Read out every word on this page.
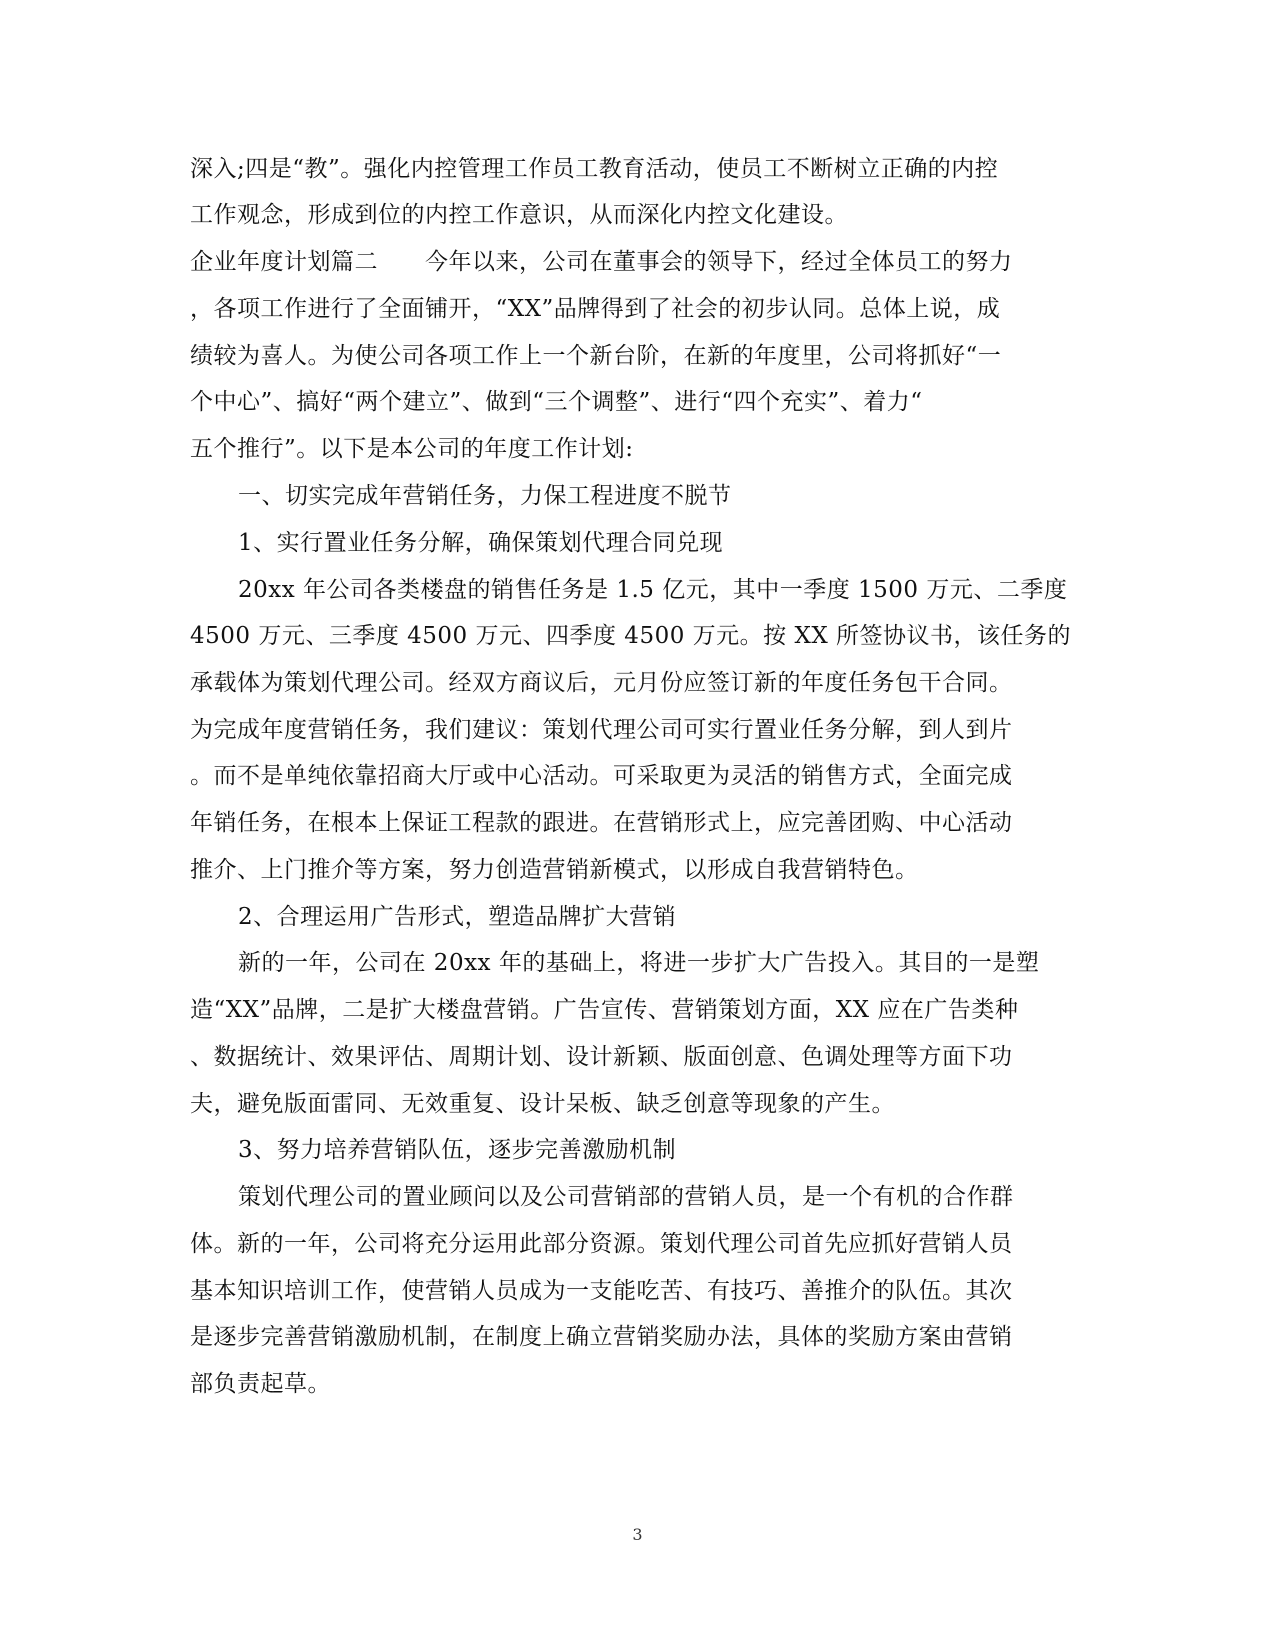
深入;四是“教”。强化内控管理工作员工教育活动，使员工不断树立正确的内控
工作观念，形成到位的内控工作意识，从而深化内控文化建设。
企业年度计划篇二　　今年以来，公司在董事会的领导下，经过全体员工的努力
，各项工作进行了全面铺开，“XX”品牌得到了社会的初步认同。总体上说，成
绩较为喜人。为使公司各项工作上一个新台阶，在新的年度里，公司将抓好“一
个中心”、搞好“两个建立”、做到“三个调整”、进行“四个充实”、着力“
五个推行”。以下是本公司的年度工作计划:
一、切实完成年营销任务，力保工程进度不脱节
1、实行置业任务分解，确保策划代理合同兑现
20xx 年公司各类楼盘的销售任务是 1.5 亿元，其中一季度 1500 万元、二季度
4500 万元、三季度 4500 万元、四季度 4500 万元。按 XX 所签协议书，该任务的
承载体为策划代理公司。经双方商议后，元月份应签订新的年度任务包干合同。
为完成年度营销任务，我们建议：策划代理公司可实行置业任务分解，到人到片
。而不是单纯依靠招商大厅或中心活动。可采取更为灵活的销售方式，全面完成
年销任务，在根本上保证工程款的跟进。在营销形式上，应完善团购、中心活动
推介、上门推介等方案，努力创造营销新模式，以形成自我营销特色。
2、合理运用广告形式，塑造品牌扩大营销
新的一年，公司在 20xx 年的基础上，将进一步扩大广告投入。其目的一是塑
造“XX”品牌，二是扩大楼盘营销。广告宣传、营销策划方面，XX 应在广告类种
、数据统计、效果评估、周期计划、设计新颖、版面创意、色调处理等方面下功
夫，避免版面雷同、无效重复、设计呆板、缺乏创意等现象的产生。
3、努力培养营销队伍，逐步完善激励机制
策划代理公司的置业顾问以及公司营销部的营销人员，是一个有机的合作群
体。新的一年，公司将充分运用此部分资源。策划代理公司首先应抓好营销人员
基本知识培训工作，使营销人员成为一支能吃苦、有技巧、善推介的队伍。其次
是逐步完善营销激励机制，在制度上确立营销奖励办法，具体的奖励方案由营销
部负责起草。
3
